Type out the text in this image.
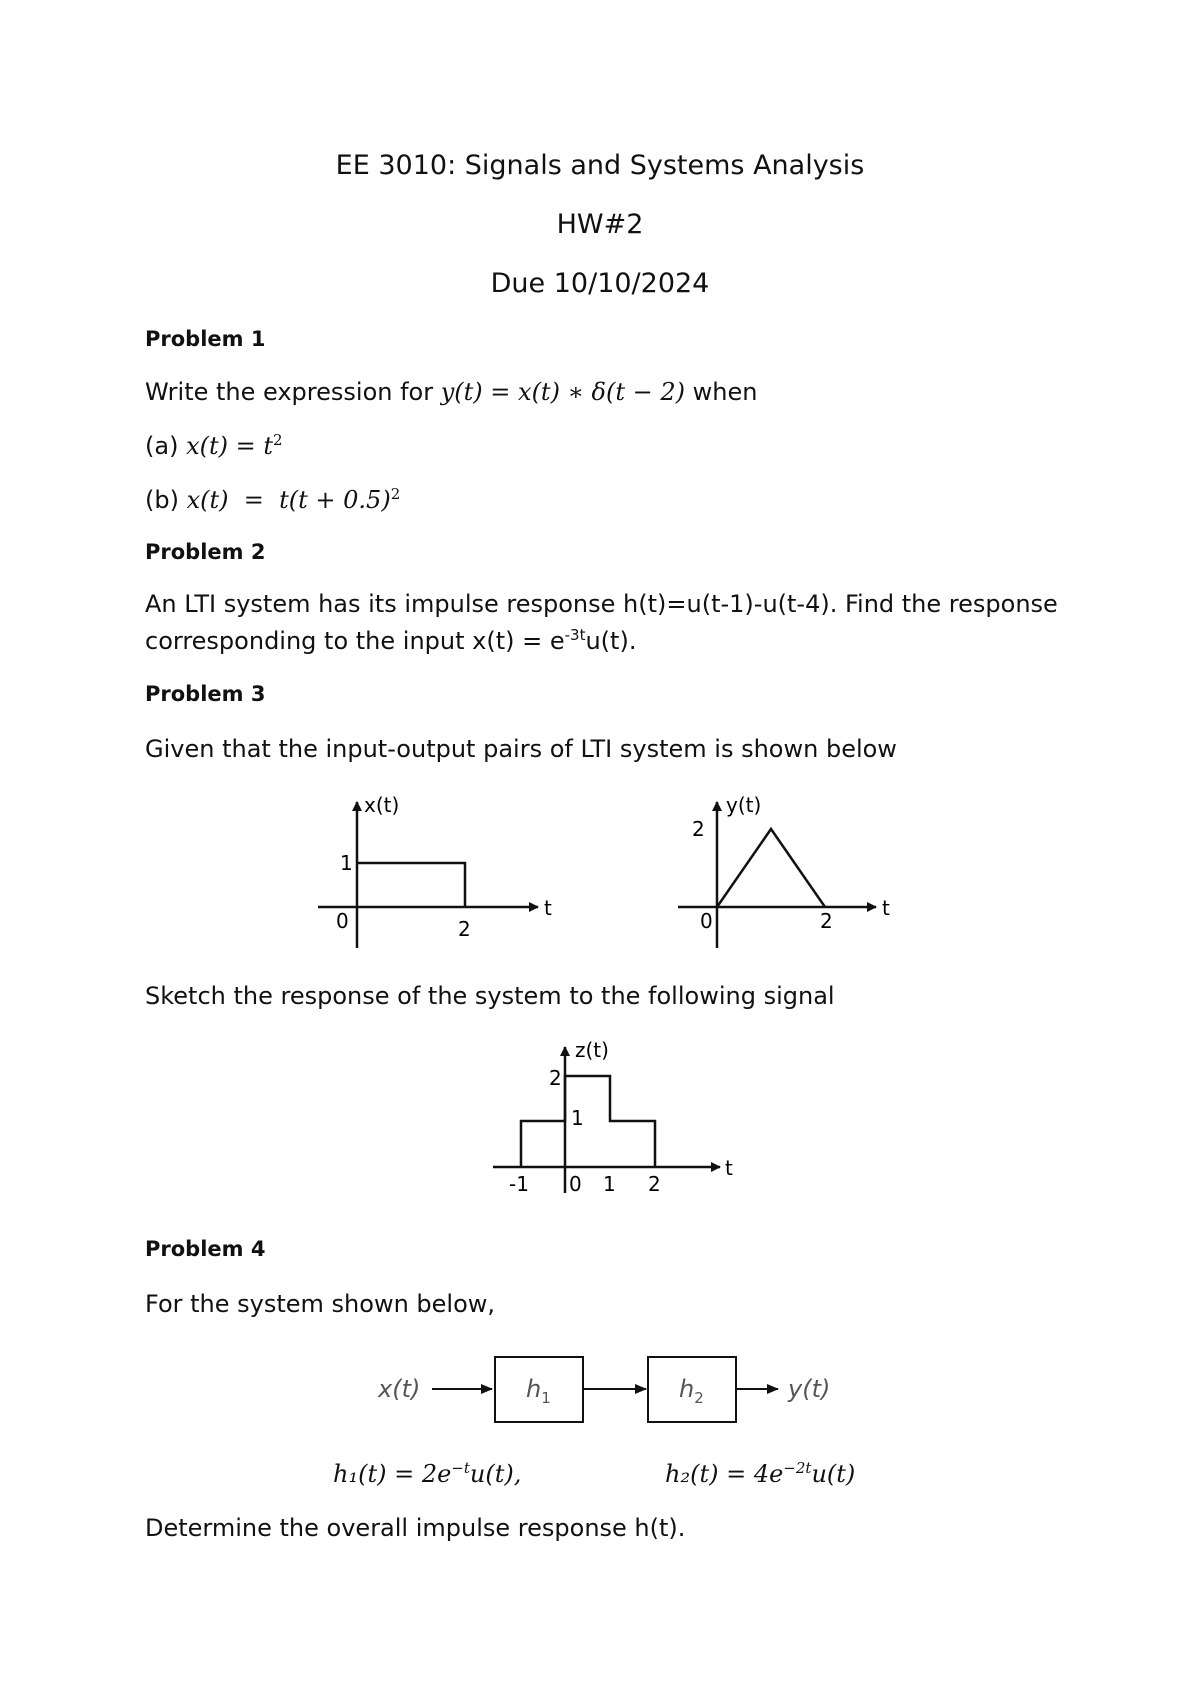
EE 3010: Signals and Systems Analysis
HW#2
Due 10/10/2024
Problem 1
Write the expression for y(t) = x(t) ∗ δ(t − 2) when
(a) $x(t) = t^2$
(b) $x(t) = t(t + 0.5)^2$
Problem 2
An LTI system has its impulse response h(t)=u(t-1)-u(t-4). Find the response
corresponding to the input $x(t) = e^{-3t}u(t)$.
Problem 3
Given that the input-output pairs of LTI system is shown below
x(t)
t
1
0	2
y(t)
t
2
0	2
Sketch the response of the system to the following signal
z(t)
t
2
1
-1 0 1 2
Problem 4
For the system shown below,
x(t)	$h_1$	$h_2$	y(t)
$h_1(t) = 2e^{-t}u(t)$,	$h_2(t) = 4e^{-2t}u(t)$
Determine the overall impulse response h(t).
